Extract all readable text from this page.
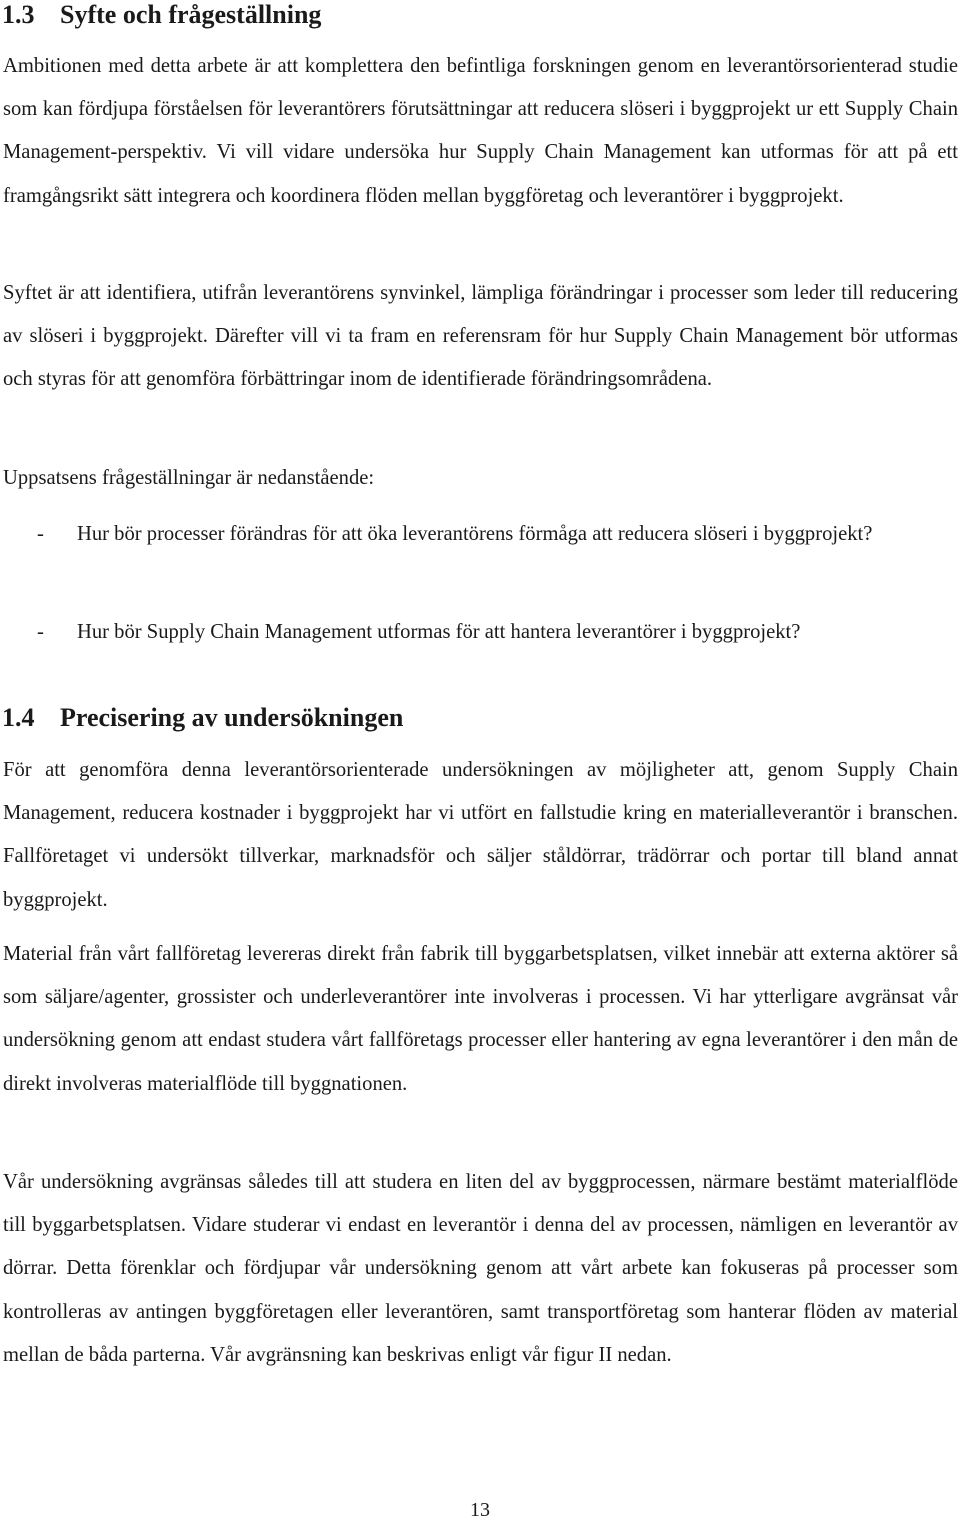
1.3 Syfte och frågeställning

Ambitionen med detta arbete är att komplettera den befintliga forskningen genom en leverantörsorienterad studie som kan fördjupa förståelsen för leverantörers förutsättningar att reducera slöseri i byggprojekt ur ett Supply Chain Management-perspektiv. Vi vill vidare undersöka hur Supply Chain Management kan utformas för att på ett framgångsrikt sätt integrera och koordinera flöden mellan byggföretag och leverantörer i byggprojekt.

Syftet är att identifiera, utifrån leverantörens synvinkel, lämpliga förändringar i processer som leder till reducering av slöseri i byggprojekt. Därefter vill vi ta fram en referensram för hur Supply Chain Management bör utformas och styras för att genomföra förbättringar inom de identifierade förändringsområdena.

Uppsatsens frågeställningar är nedanstående:

- Hur bör processer förändras för att öka leverantörens förmåga att reducera slöseri i byggprojekt?
- Hur bör Supply Chain Management utformas för att hantera leverantörer i byggprojekt?
1.4 Precisering av undersökningen

För att genomföra denna leverantörsorienterade undersökningen av möjligheter att, genom Supply Chain Management, reducera kostnader i byggprojekt har vi utfört en fallstudie kring en materialleverantör i branschen. Fallföretaget vi undersökt tillverkar, marknadsför och säljer ståldörrar, trädörrar och portar till bland annat byggprojekt.

Material från vårt fallföretag levereras direkt från fabrik till byggarbetsplatsen, vilket innebär att externa aktörer så som säljare/agenter, grossister och underleverantörer inte involveras i processen. Vi har ytterligare avgränsat vår undersökning genom att endast studera vårt fallföretags processer eller hantering av egna leverantörer i den mån de direkt involveras materialflöde till byggnationen.

Vår undersökning avgränsas således till att studera en liten del av byggprocessen, närmare bestämt materialflöde till byggarbetsplatsen. Vidare studerar vi endast en leverantör i denna del av processen, nämligen en leverantör av dörrar. Detta förenklar och fördjupar vår undersökning genom att vårt arbete kan fokuseras på processer som kontrolleras av antingen byggföretagen eller leverantören, samt transportföretag som hanterar flöden av material mellan de båda parterna. Vår avgränsning kan beskrivas enligt vår figur II nedan.

13
